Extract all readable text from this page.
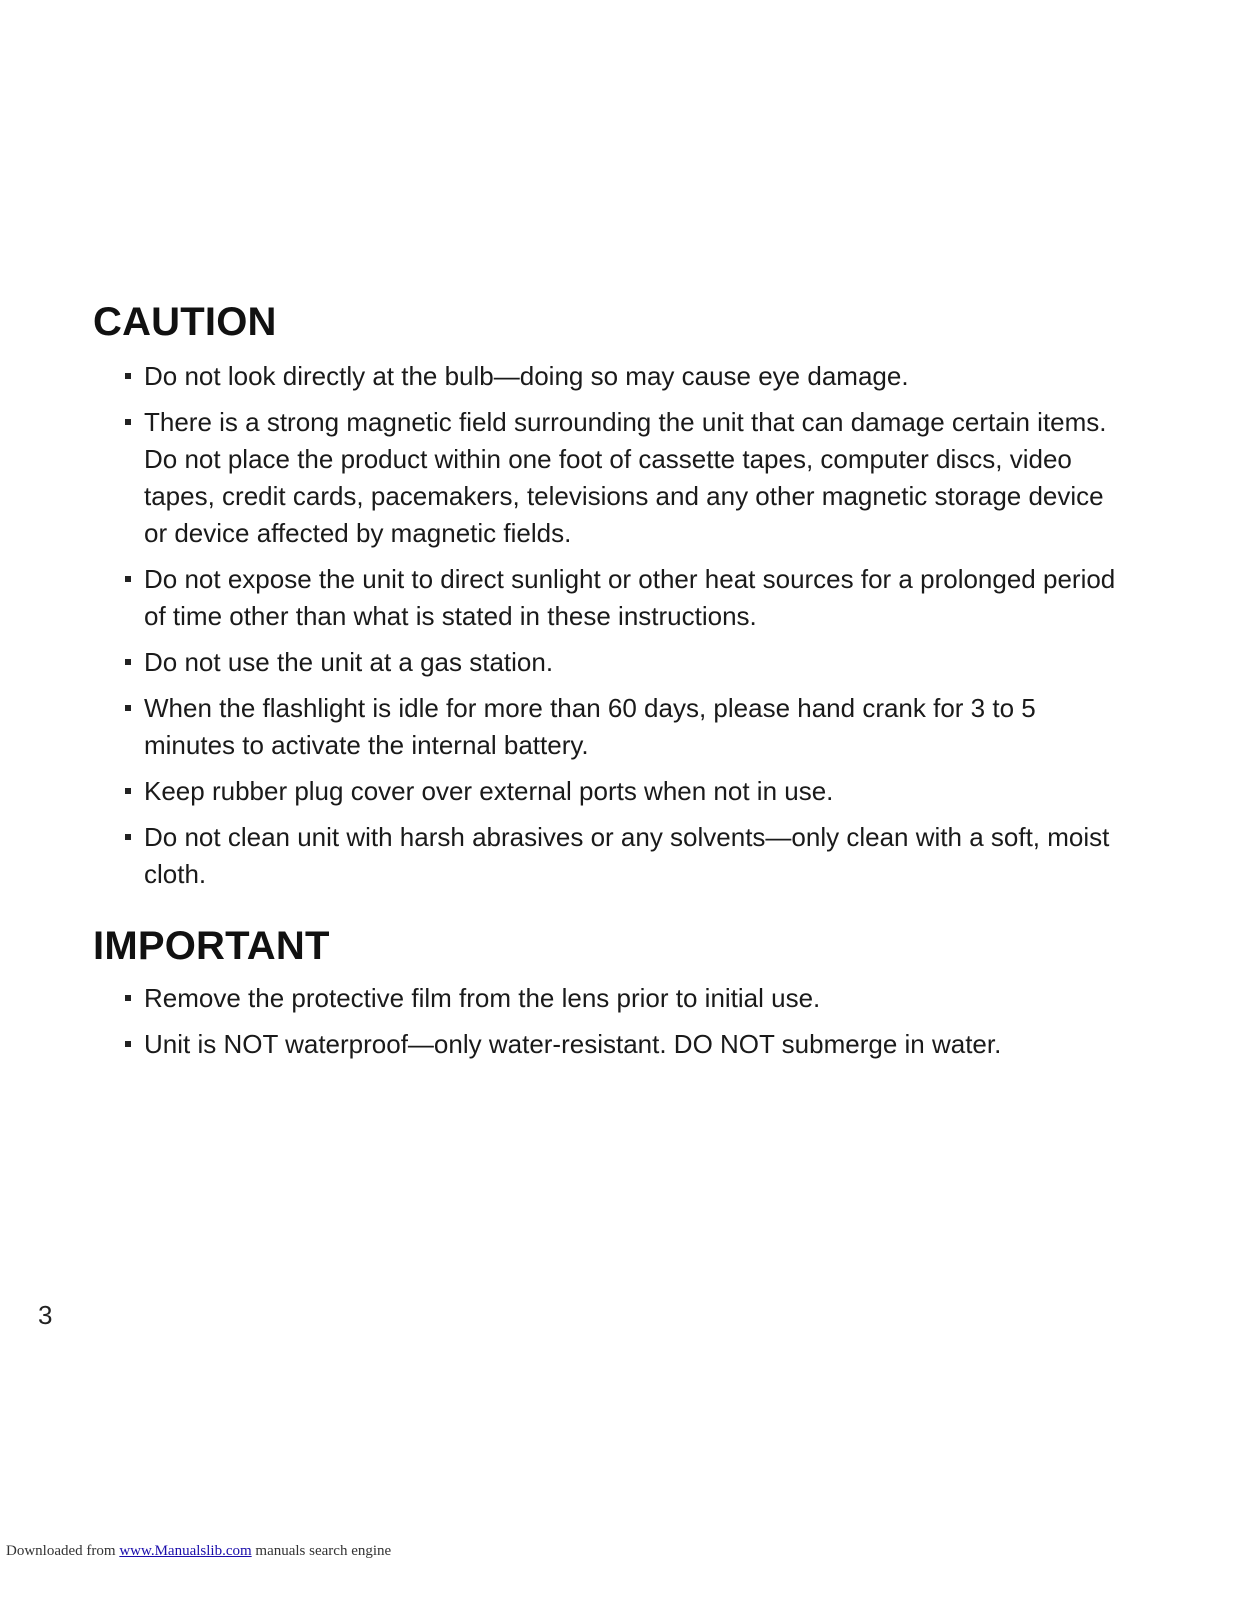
CAUTION
Do not look directly at the bulb—doing so may cause eye damage.
There is a strong magnetic field surrounding the unit that can damage certain items. Do not place the product within one foot of cassette tapes, computer discs, video tapes, credit cards, pacemakers, televisions and any other magnetic storage device or device affected by magnetic fields.
Do not expose the unit to direct sunlight or other heat sources for a prolonged period of time other than what is stated in these instructions.
Do not use the unit at a gas station.
When the flashlight is idle for more than 60 days, please hand crank for 3 to 5 minutes to activate the internal battery.
Keep rubber plug cover over external ports when not in use.
Do not clean unit with harsh abrasives or any solvents—only clean with a soft, moist cloth.
IMPORTANT
Remove the protective film from the lens prior to initial use.
Unit is NOT waterproof—only water-resistant. DO NOT submerge in water.
3
Downloaded from www.Manualslib.com manuals search engine
